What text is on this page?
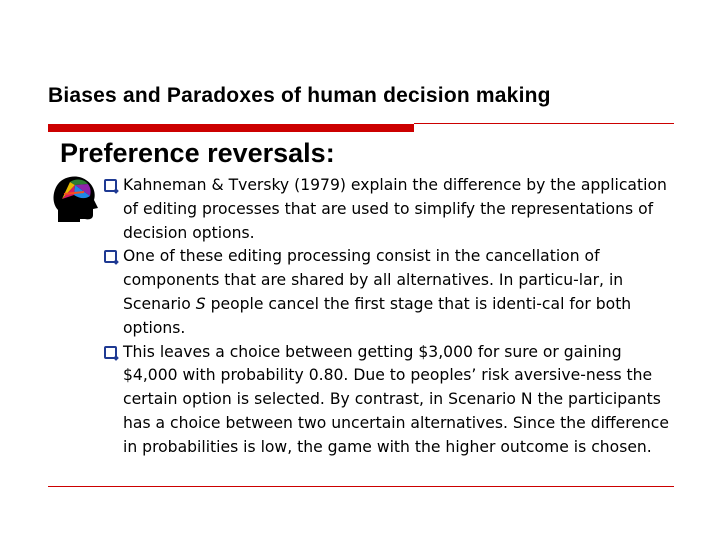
Biases and Paradoxes of human decision making
Preference reversals:
Kahneman & Tversky (1979) explain the difference by the application of editing processes that are used to simplify the representations of decision options.
One of these editing processing consist in the cancellation of components that are shared by all alternatives. In particu-lar, in Scenario S people cancel the first stage that is identi-cal for both options.
This leaves a choice between getting $3,000 for sure or gaining $4,000 with probability 0.80. Due to peoples’ risk aversive-ness the certain option is selected. By contrast, in Scenario N the participants has a choice between two uncertain alternatives. Since the difference in probabilities is low, the game with the higher outcome is chosen.
